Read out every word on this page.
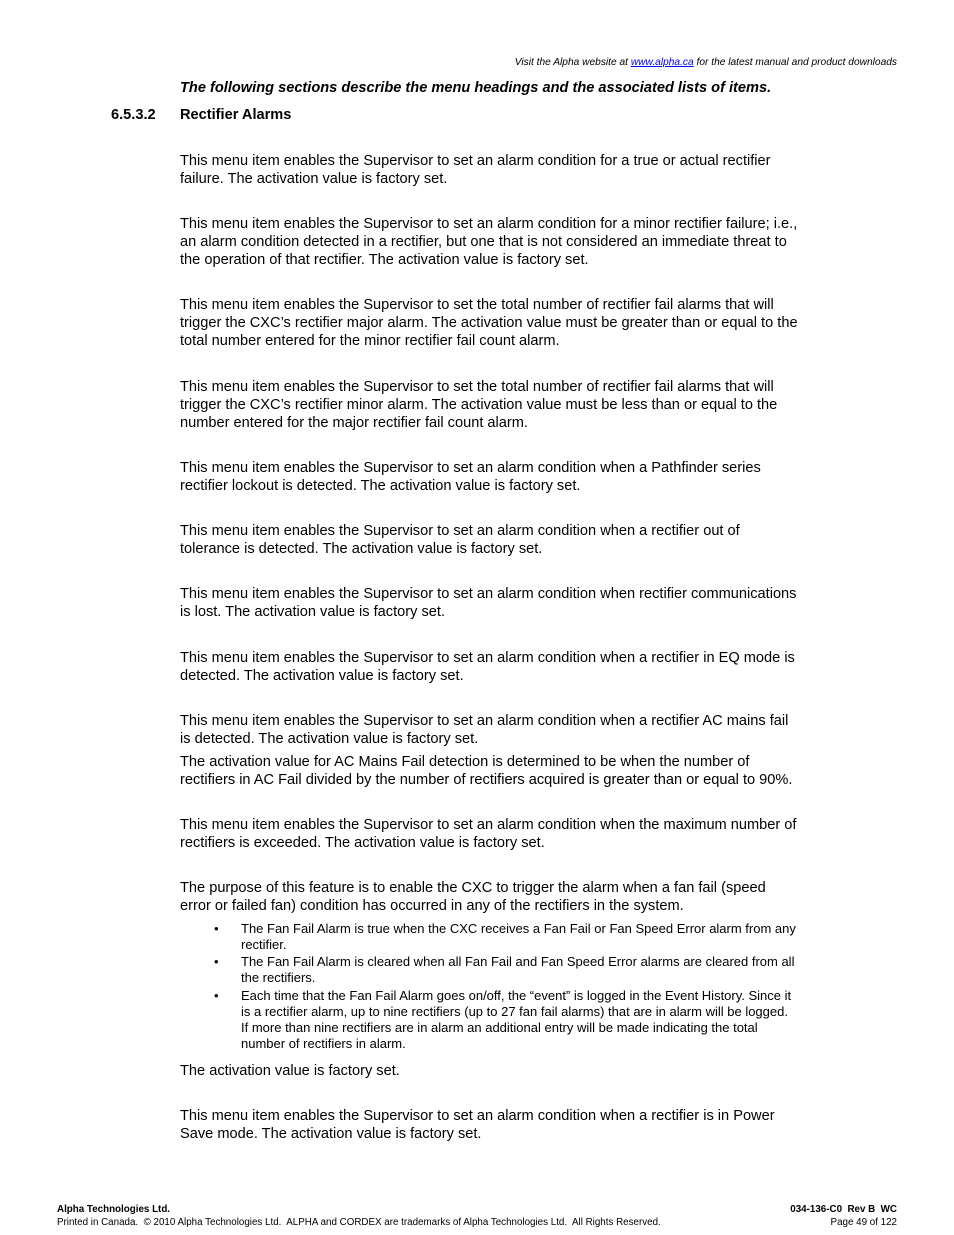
Visit the Alpha website at www.alpha.ca for the latest manual and product downloads
The following sections describe the menu headings and the associated lists of items.
6.5.3.2 Rectifier Alarms
This menu item enables the Supervisor to set an alarm condition for a true or actual rectifier
failure. The activation value is factory set.
This menu item enables the Supervisor to set an alarm condition for a minor rectifier failure; i.e.,
an alarm condition detected in a rectifier, but one that is not considered an immediate threat to
the operation of that rectifier. The activation value is factory set.
This menu item enables the Supervisor to set the total number of rectifier fail alarms that will
trigger the CXC’s rectifier major alarm. The activation value must be greater than or equal to the
total number entered for the minor rectifier fail count alarm.
This menu item enables the Supervisor to set the total number of rectifier fail alarms that will
trigger the CXC’s rectifier minor alarm. The activation value must be less than or equal to the
number entered for the major rectifier fail count alarm.
This menu item enables the Supervisor to set an alarm condition when a Pathfinder series
rectifier lockout is detected. The activation value is factory set.
This menu item enables the Supervisor to set an alarm condition when a rectifier out of
tolerance is detected. The activation value is factory set.
This menu item enables the Supervisor to set an alarm condition when rectifier communications
is lost. The activation value is factory set.
This menu item enables the Supervisor to set an alarm condition when a rectifier in EQ mode is
detected. The activation value is factory set.
This menu item enables the Supervisor to set an alarm condition when a rectifier AC mains fail
is detected. The activation value is factory set.
The activation value for AC Mains Fail detection is determined to be when the number of
rectifiers in AC Fail divided by the number of rectifiers acquired is greater than or equal to 90%.
This menu item enables the Supervisor to set an alarm condition when the maximum number of
rectifiers is exceeded. The activation value is factory set.
The purpose of this feature is to enable the CXC to trigger the alarm when a fan fail (speed
error or failed fan) condition has occurred in any of the rectifiers in the system.
• The Fan Fail Alarm is true when the CXC receives a Fan Fail or Fan Speed Error alarm from any
rectifier.
• The Fan Fail Alarm is cleared when all Fan Fail and Fan Speed Error alarms are cleared from all
the rectifiers.
• Each time that the Fan Fail Alarm goes on/off, the “event” is logged in the Event History. Since it
is a rectifier alarm, up to nine rectifiers (up to 27 fan fail alarms) that are in alarm will be logged.
If more than nine rectifiers are in alarm an additional entry will be made indicating the total
number of rectifiers in alarm.
The activation value is factory set.
This menu item enables the Supervisor to set an alarm condition when a rectifier is in Power
Save mode. The activation value is factory set.
Alpha Technologies Ltd.
Printed in Canada.  © 2010 Alpha Technologies Ltd.  ALPHA and CORDEX are trademarks of Alpha Technologies Ltd.  All Rights Reserved.
034-136-C0  Rev B  WC
Page 49 of 122
